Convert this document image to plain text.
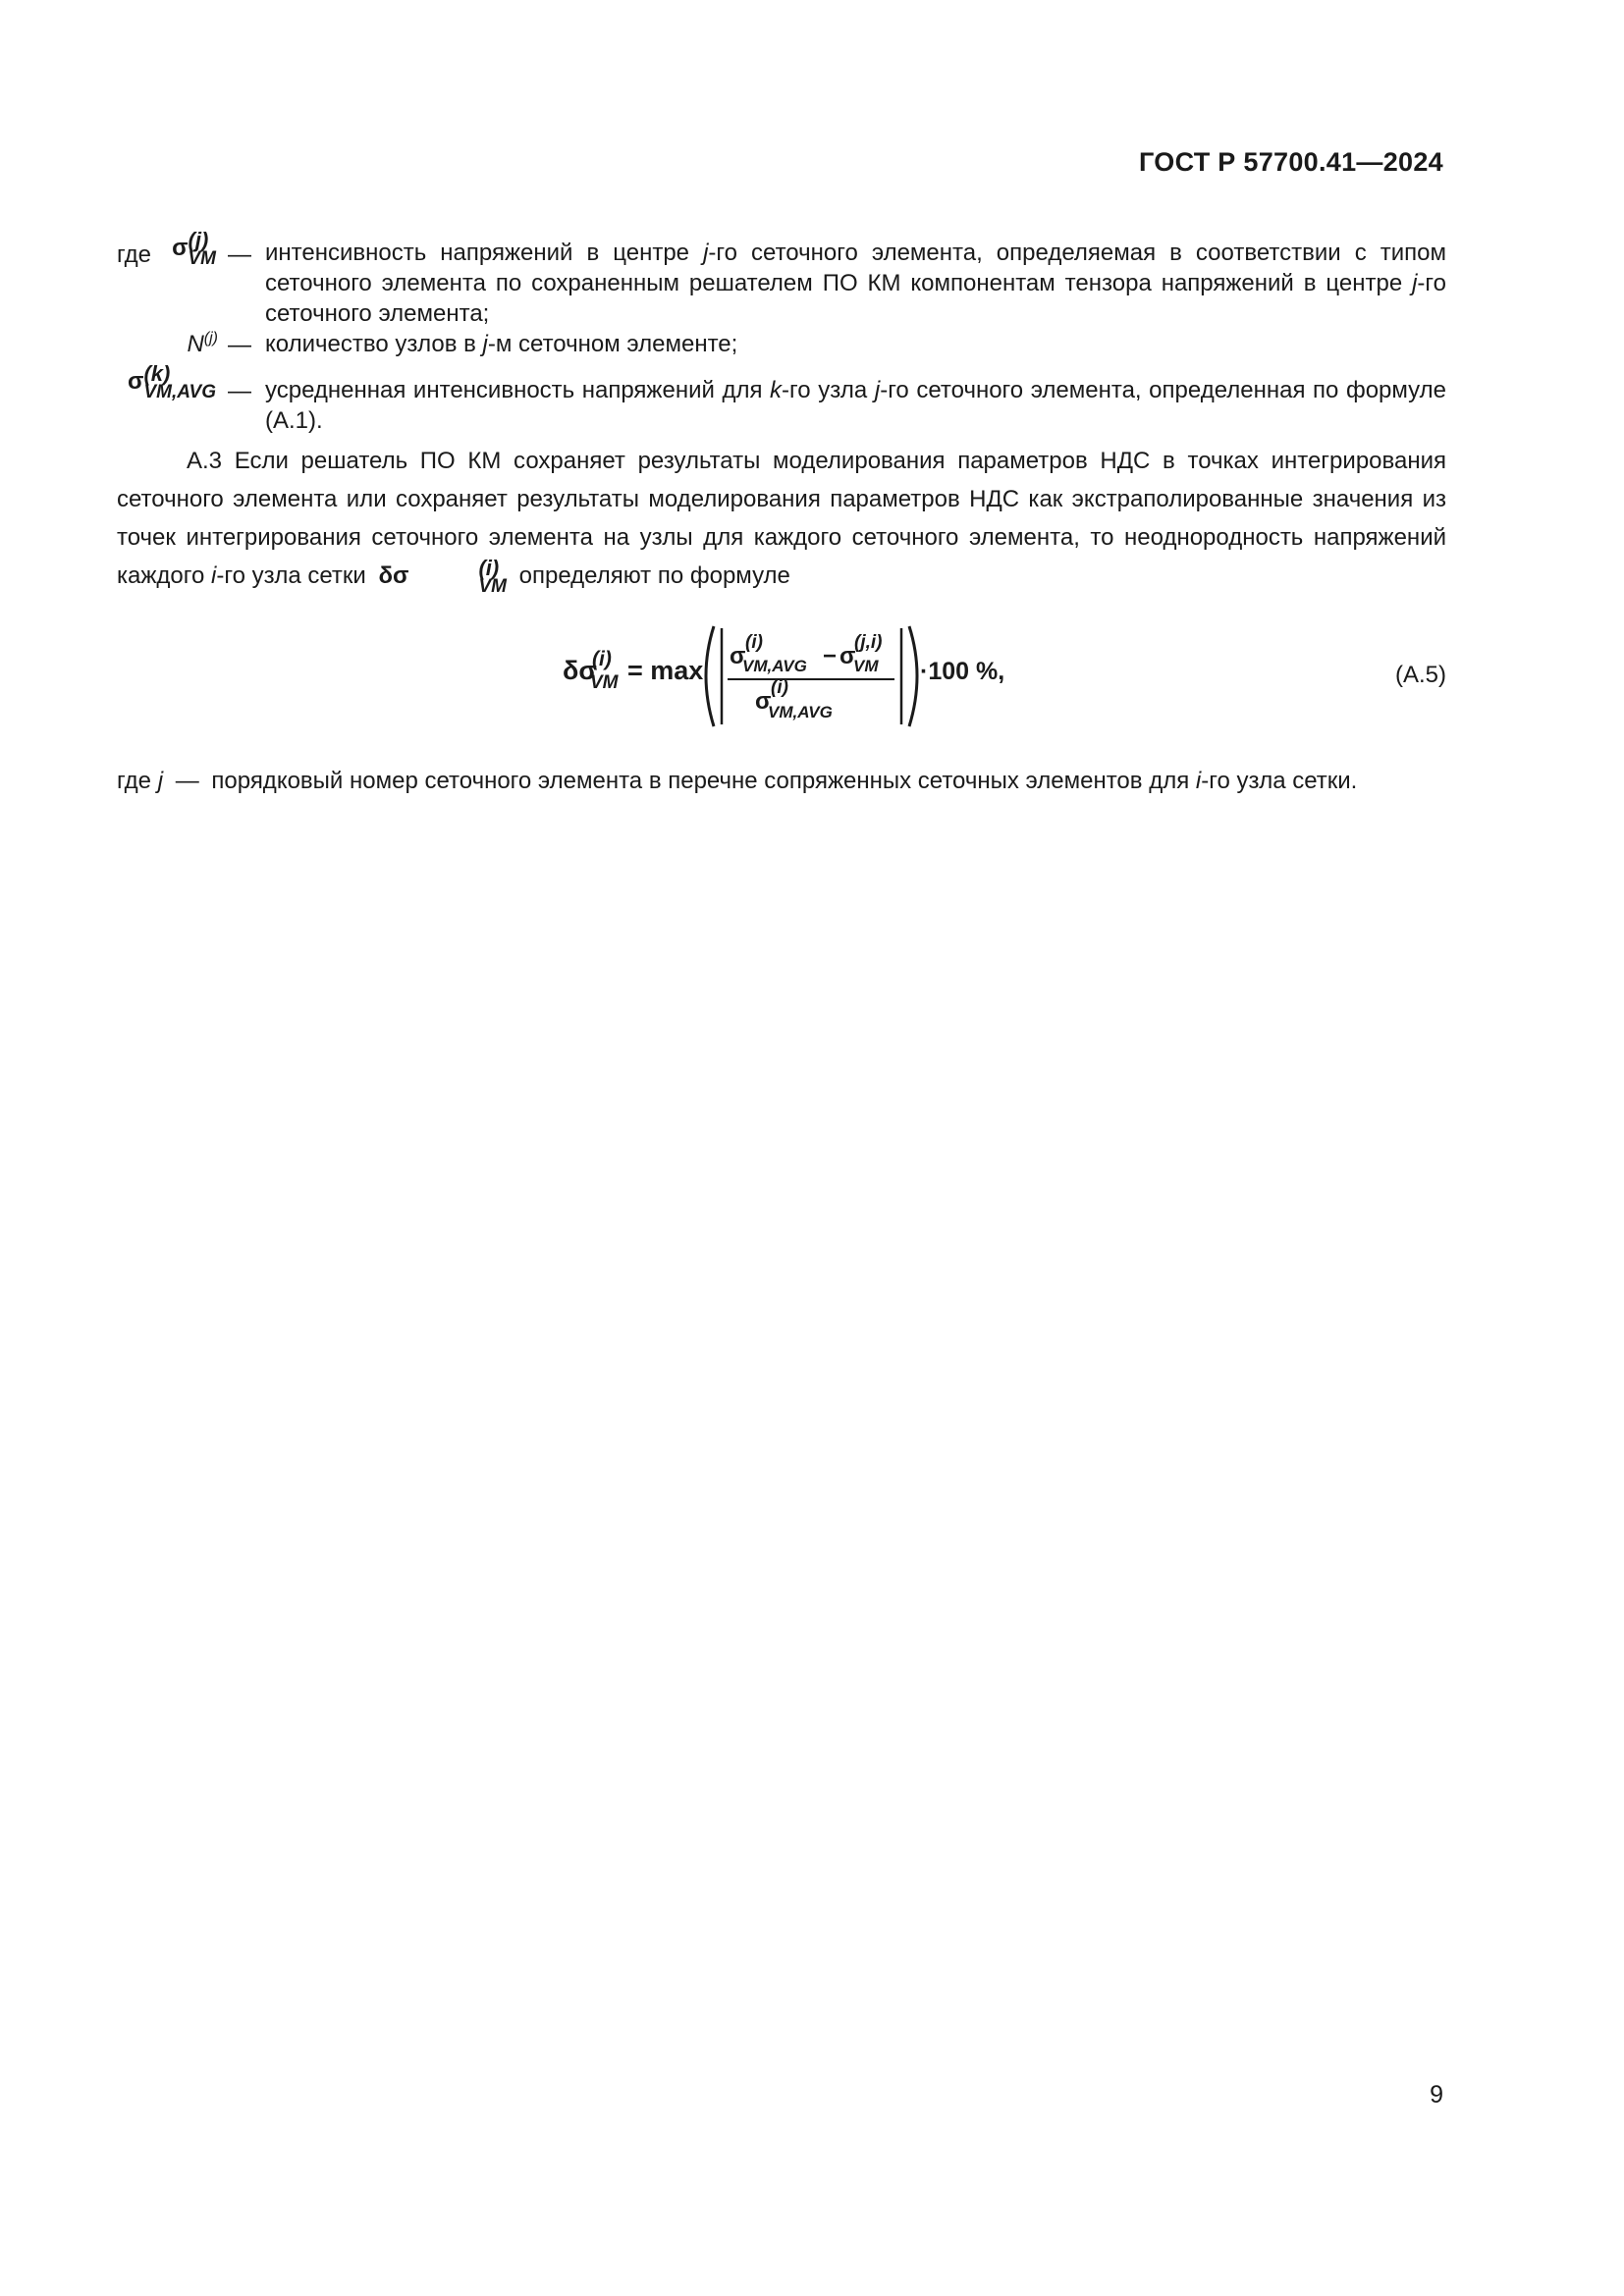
ГОСТ Р 57700.41—2024
где σ (j)
VM — интенсивность напряжений в центре j-го сеточного элемента, определяемая в соответствии с типом сеточного элемента по сохраненным решателем ПО КМ компонентам тензора напряжений в центре j-го сеточного элемента;
$N^{(j)}$ — количество узлов в j-м сеточном элементе;
σ (k)
VM,AVG — усредненная интенсивность напряжений для k-го узла j-го сеточного элемента, определенная по формуле (А.1).
А.3 Если решатель ПО КМ сохраняет результаты моделирования параметров НДС в точках интегрирования сеточного элемента или сохраняет результаты моделирования параметров НДС как экстраполированные значения из точек интегрирования сеточного элемента на узлы для каждого сеточного элемента, то неоднородность напряжений каждого i-го узла сетки δσ	(i)
VM определяют по формуле
δσ
(i)
VM = max σ
(i)
VM,AVG − σ
(j,i)
VM
σ
(i)
VM,AVG
·100 %,	(А.5)
где j — порядковый номер сеточного элемента в перечне сопряженных сеточных элементов для i-го узла сетки.
9
